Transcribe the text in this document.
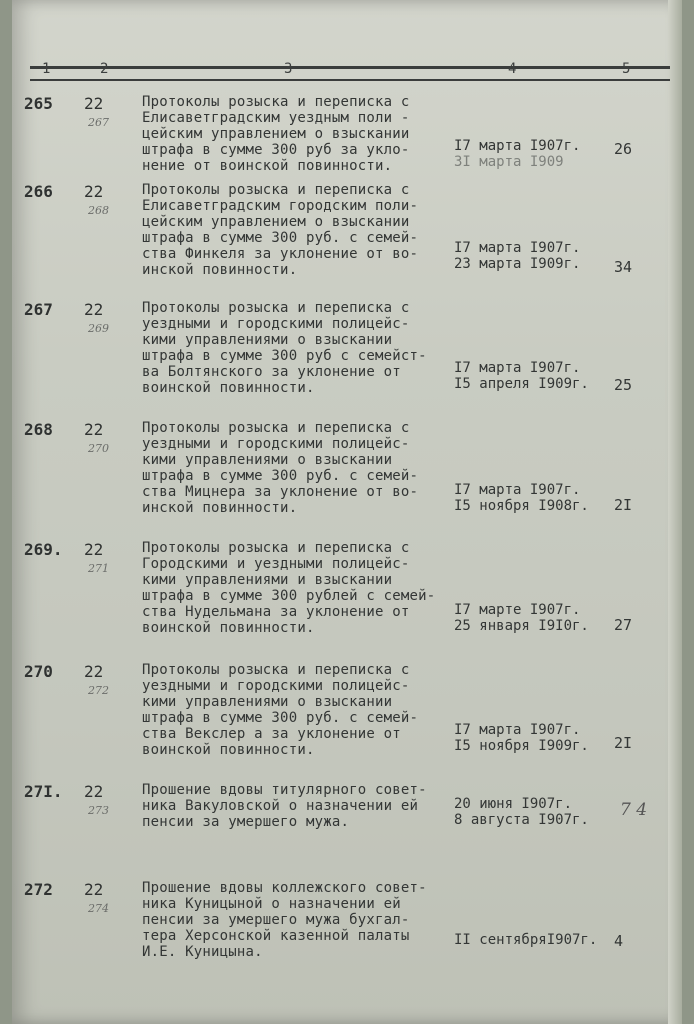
1	2	3	4	5
265 22
267
Протоколы розыска и переписка с
Елисаветградским уездным поли -
цейским управлением о взыскании
штрафа в сумме 300 руб за укло-
нение от воинской повинности.
I7 марта I907г.
3I марта I909
26
266 22
268
Протоколы розыска и переписка с
Елисаветградским городским поли-
цейским управлением о взыскании
штрафа в сумме 300 руб. с семей-
ства Финкеля за уклонение от во-
инской повинности.
I7 марта I907г.
23 марта I909г. 34
267 22
269
Протоколы розыска и переписка с
уездными и городскими полицейс-
кими управлениями о взыскании
штрафа в сумме 300 руб с семейст-
ва Болтянского за уклонение от
воинской повинности.
I7 марта I907г.
I5 апреля I909г. 25
268 22
270
Протоколы розыска и переписка с
уездными и городскими полицейс-
кими управлениями о взыскании
штрафа в сумме 300 руб. с семей-
ства Мицнера за уклонение от во-
инской повинности.
I7 марта I907г.
I5 ноября I908г. 2I
269. 22
271
Протоколы розыска и переписка с
Городскими и уездными полицейс-
кими управлениями и взыскании
штрафа в сумме 300 рублей с семей-
ства Нудельмана за уклонение от
воинской повинности.
I7 марте I907г.
25 января I9I0г. 27
270 22
272
Протоколы розыска и переписка с
уездными и городскими полицейс-
кими управлениями о взыскании
штрафа в сумме 300 руб. с семей-
ства Векслер а за уклонение от
воинской повинности.
I7 марта I907г.
I5 ноября I909г. 2I
27I. 22
273
Прошение вдовы титулярного совет-
ника Вакуловской о назначении ей
пенсии за умершего мужа.
20 июня I907г.
8 августа I907г. 7 4
272 22
274
Прошение вдовы коллежского совет-
ника Куницыной о назначении ей
пенсии за умершего мужа бухгал-
тера Херсонской казенной палаты
И.Е. Куницына.
II сентябряI907г. 4
